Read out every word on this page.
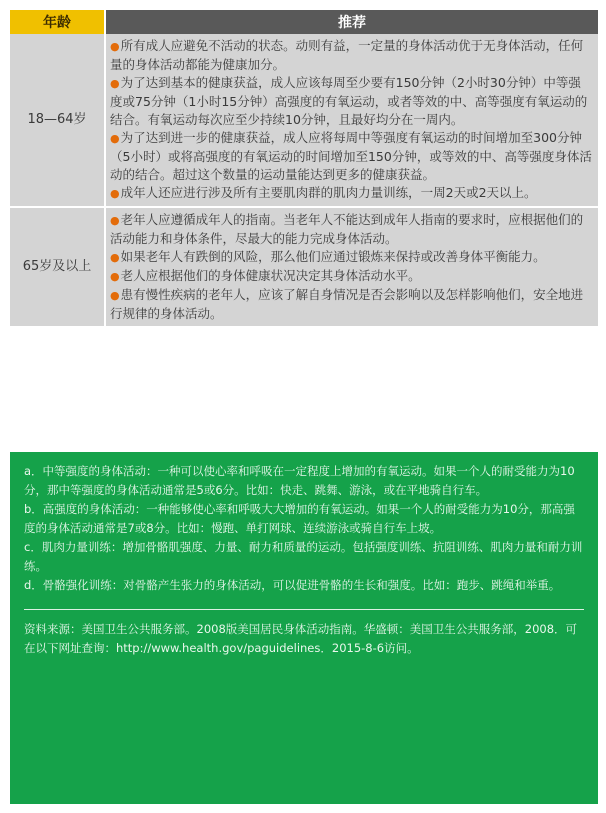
年龄	推荐
18—64岁	●所有成人应避免不活动的状态。动则有益，一定量的身体活动优于无身体活动，任何量的身体活动都能为健康加分。

●为了达到基本的健康获益，成人应该每周至少要有150分钟（2小时30分钟）中等强度或75分钟（1小时15分钟）高强度的有氧运动，或者等效的中、高等强度有氧运动的结合。有氧运动每次应至少持续10分钟，且最好均分在一周内。

●为了达到进一步的健康获益，成人应将每周中等强度有氧运动的时间增加至300分钟（5小时）或将高强度的有氧运动的时间增加至150分钟，或等效的中、高等强度身体活动的结合。超过这个数量的运动量能达到更多的健康获益。

●成年人还应进行涉及所有主要肌肉群的肌肉力量训练，一周2天或2天以上。

65岁及以上	●老年人应遵循成年人的指南。当老年人不能达到成年人指南的要求时，应根据他们的活动能力和身体条件，尽最大的能力完成身体活动。

●如果老年人有跌倒的风险，那么他们应通过锻炼来保持或改善身体平衡能力。

●老人应根据他们的身体健康状况决定其身体活动水平。

●患有慢性疾病的老年人，应该了解自身情况是否会影响以及怎样影响他们，安全地进行规律的身体活动。

a．中等强度的身体活动：一种可以使心率和呼吸在一定程度上增加的有氧运动。如果一个人的耐受能力为10分，那中等强度的身体活动通常是5或6分。比如：快走、跳舞、游泳，或在平地骑自行车。

b．高强度的身体活动：一种能够使心率和呼吸大大增加的有氧运动。如果一个人的耐受能力为10分，那高强度的身体活动通常是7或8分。比如：慢跑、单打网球、连续游泳或骑自行车上坡。

c．肌肉力量训练：增加骨骼肌强度、力量、耐力和质量的运动。包括强度训练、抗阻训练、肌肉力量和耐力训练。

d．骨骼强化训练：对骨骼产生张力的身体活动，可以促进骨骼的生长和强度。比如：跑步、跳绳和举重。

资料来源：美国卫生公共服务部。2008版美国居民身体活动指南。华盛顿：美国卫生公共服务部，2008．可在以下网址查询：http://www.health.gov/paguidelines．2015-8-6访问。
